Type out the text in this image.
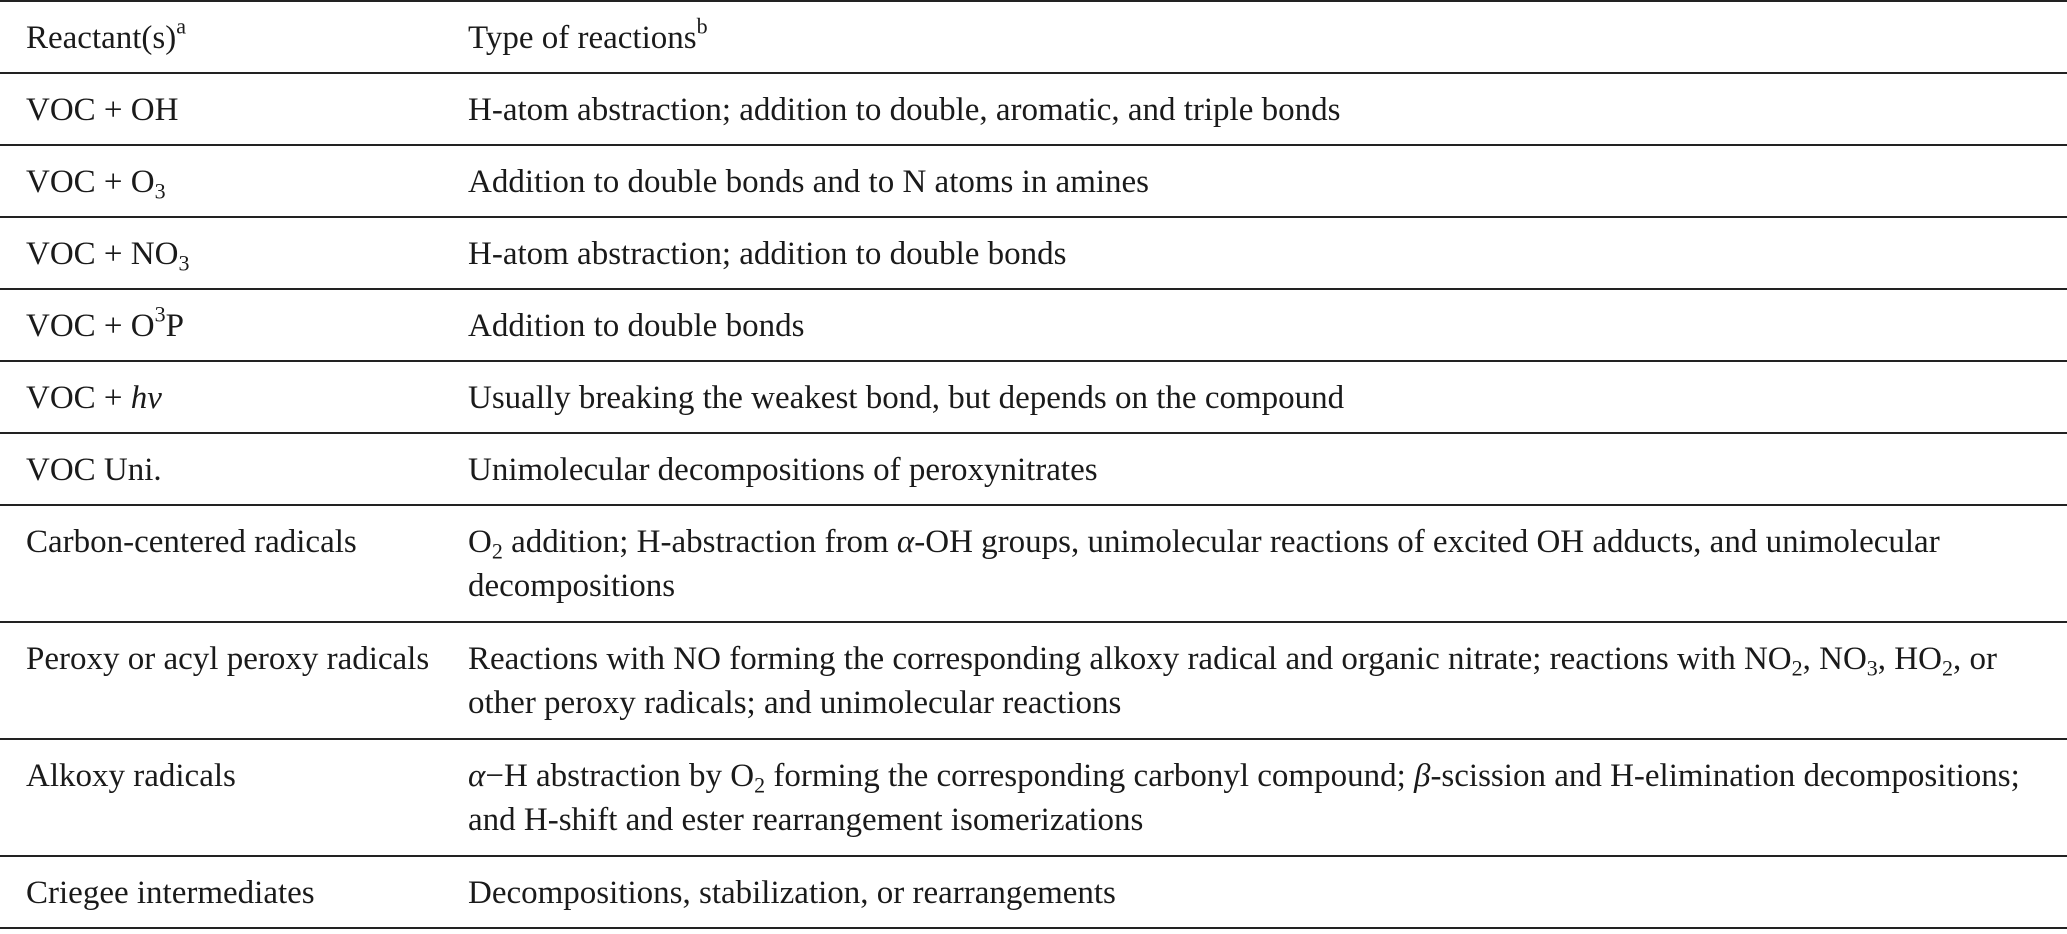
$Reactant(s)^a$	Type of reactions$^b$
VOC + OH	H-atom abstraction; addition to double, aromatic, and triple bonds
VOC + $O_3$	Addition to double bonds and to N atoms in amines
VOC + $NO_3$	H-atom abstraction; addition to double bonds
VOC + $O^3P$	Addition to double bonds
VOC + hν	Usually breaking the weakest bond, but depends on the compound
VOC Uni.	Unimolecular decompositions of peroxynitrates
Carbon-centered radicals	$O_2$ addition; H-abstraction from α-OH groups, unimolecular reactions of excited OH adducts, and unimolecular decompositions
Peroxy or acyl peroxy radicals	Reactions with NO forming the corresponding alkoxy radical and organic nitrate; reactions with $NO_2$, $NO_3$, $HO_2$, or other peroxy radicals; and unimolecular reactions
Alkoxy radicals	α−H abstraction by $O_2$ forming the corresponding carbonyl compound; β-scission and H-elimination decompositions; and H-shift and ester rearrangement isomerizations
Criegee intermediates	Decompositions, stabilization, or rearrangements
